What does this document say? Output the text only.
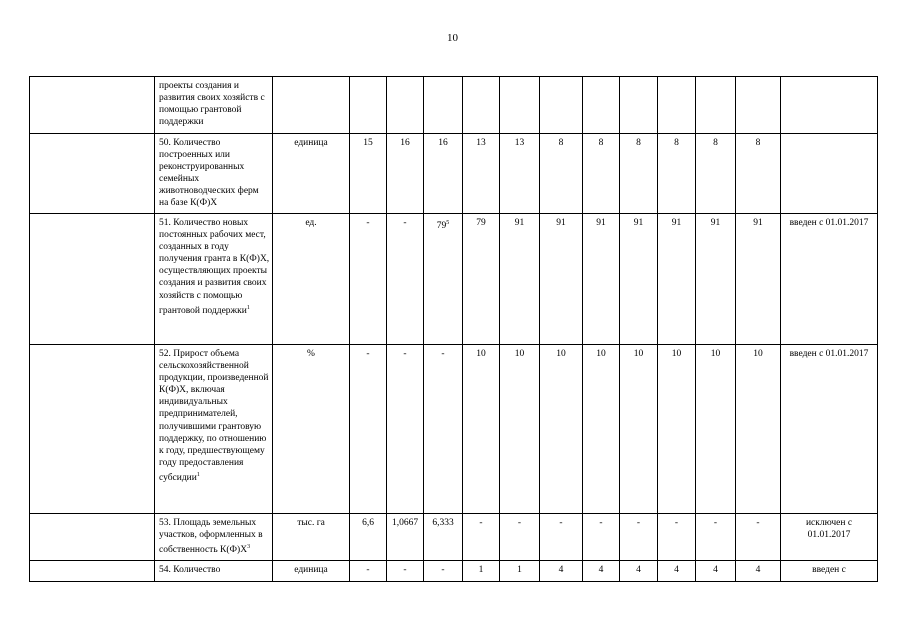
10
	проекты создания и развития своих хозяйств с помощью грантовой поддержки													
	50. Количество построенных или реконструированных семейных животноводческих ферм на базе К(Ф)Х	единица	15	16	16	13	13	8	8	8	8	8	8	
	51. Количество новых постоянных рабочих мест, созданных в году получения гранта в К(Ф)Х, осуществляющих проекты создания и развития своих хозяйств с помощью грантовой поддержки$^1$	ед.	-	-	$79^5$	79	91	91	91	91	91	91	91	введен с 01.01.2017
	52. Прирост объема сельскохозяйственной продукции, произведенной К(Ф)Х, включая индивидуальных предпринимателей, получившими грантовую поддержку, по отношению к году, предшествующему году предоставления субсидии$^1$	%	-	-	-	10	10	10	10	10	10	10	10	введен с 01.01.2017
	53. Площадь земельных участков, оформленных в собственность $К(Ф)Х^3$	тыс. га	6,6	1,0667	6,333	-	-	-	-	-	-	-	-	исключен с 01.01.2017
	54. Количество	единица	-	-	-	1	1	4	4	4	4	4	4	введен с
